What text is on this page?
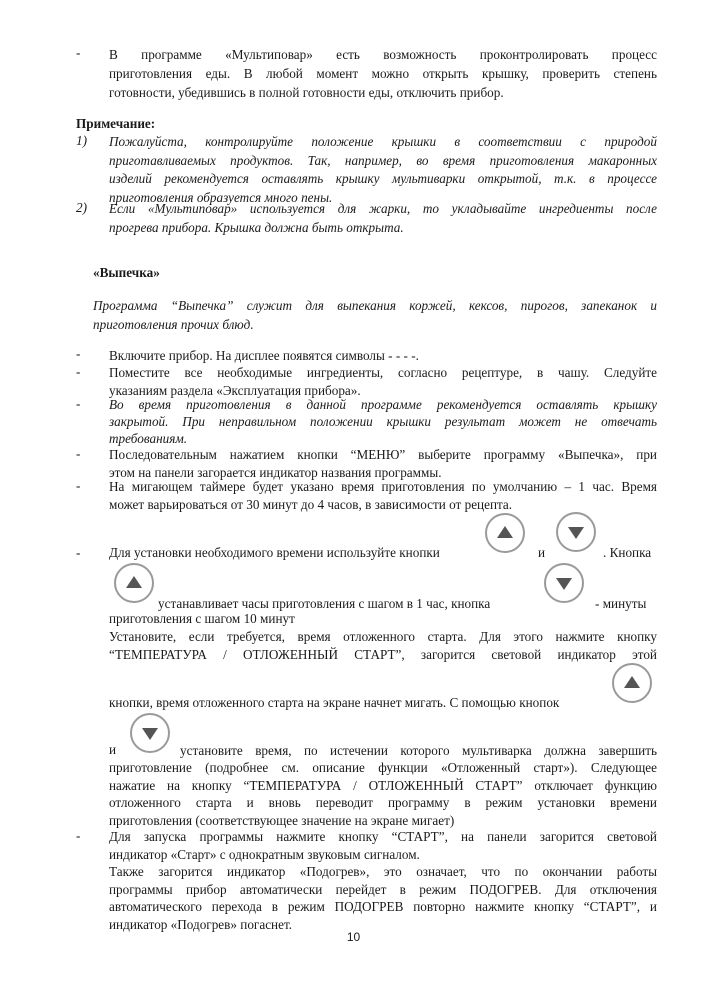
- В программе «Мультиповар» есть возможность проконтролировать процесс
приготовления еды. В любой момент можно открыть крышку, проверить степень
готовности, убедившись в полной готовности еды, отключить прибор.
Примечание:
1) Пожалуйста, контролируйте положение крышки в соответствии с природой
приготавливаемых продуктов. Так, например, во время приготовления макаронных
изделий рекомендуется оставлять крышку мультиварки открытой, т.к. в процессе
приготовления образуется много пены.
2) Если «Мультиповар» используется для жарки, то укладывайте ингредиенты после
прогрева прибора. Крышка должна быть открыта.
«Выпечка»
Программа “Выпечка” служит для выпекания коржей, кексов, пирогов, запеканок и
приготовления прочих блюд.
- Включите прибор. На дисплее появятся символы - - - -.
- Поместите все необходимые ингредиенты, согласно рецептуре, в чашу. Следуйте
указаниям раздела «Эксплуатация прибора».
- Во время приготовления в данной программе рекомендуется оставлять крышку
закрытой. При неправильном положении крышки результат может не отвечать
требованиям.
- Последовательным нажатием кнопки “МЕНЮ” выберите программу «Выпечка», при
этом на панели загорается индикатор названия программы.
- На мигающем таймере будет указано время приготовления по умолчанию – 1 час. Время
может варьироваться от 30 минут до 4 часов, в зависимости от рецепта.
- Для установки необходимого времени используйте кнопки	и	. Кнопка
устанавливает часы приготовления с шагом в 1 час, кнопка	- минуты
приготовления с шагом 10 минут
Установите, если требуется, время отложенного старта. Для этого нажмите кнопку
“ТЕМПЕРАТУРА / ОТЛОЖЕННЫЙ СТАРТ”, загорится световой индикатор этой
кнопки, время отложенного старта на экране начнет мигать. С помощью кнопок
и	установите время, по истечении которого мультиварка должна завершить
приготовление (подробнее см. описание функции «Отложенный старт»). Следующее
нажатие на кнопку “ТЕМПЕРАТУРА / ОТЛОЖЕННЫЙ СТАРТ” отключает функцию
отложенного старта и вновь переводит программу в режим установки времени
приготовления (соответствующее значение на экране мигает)
- Для запуска программы нажмите кнопку “СТАРТ”, на панели загорится световой
индикатор «Старт» с однократным звуковым сигналом.
Также загорится индикатор «Подогрев», это означает, что по окончании работы
программы прибор автоматически перейдет в режим ПОДОГРЕВ. Для отключения
автоматического перехода в режим ПОДОГРЕВ повторно нажмите кнопку “СТАРТ”, и
индикатор «Подогрев» погаснет.
10
